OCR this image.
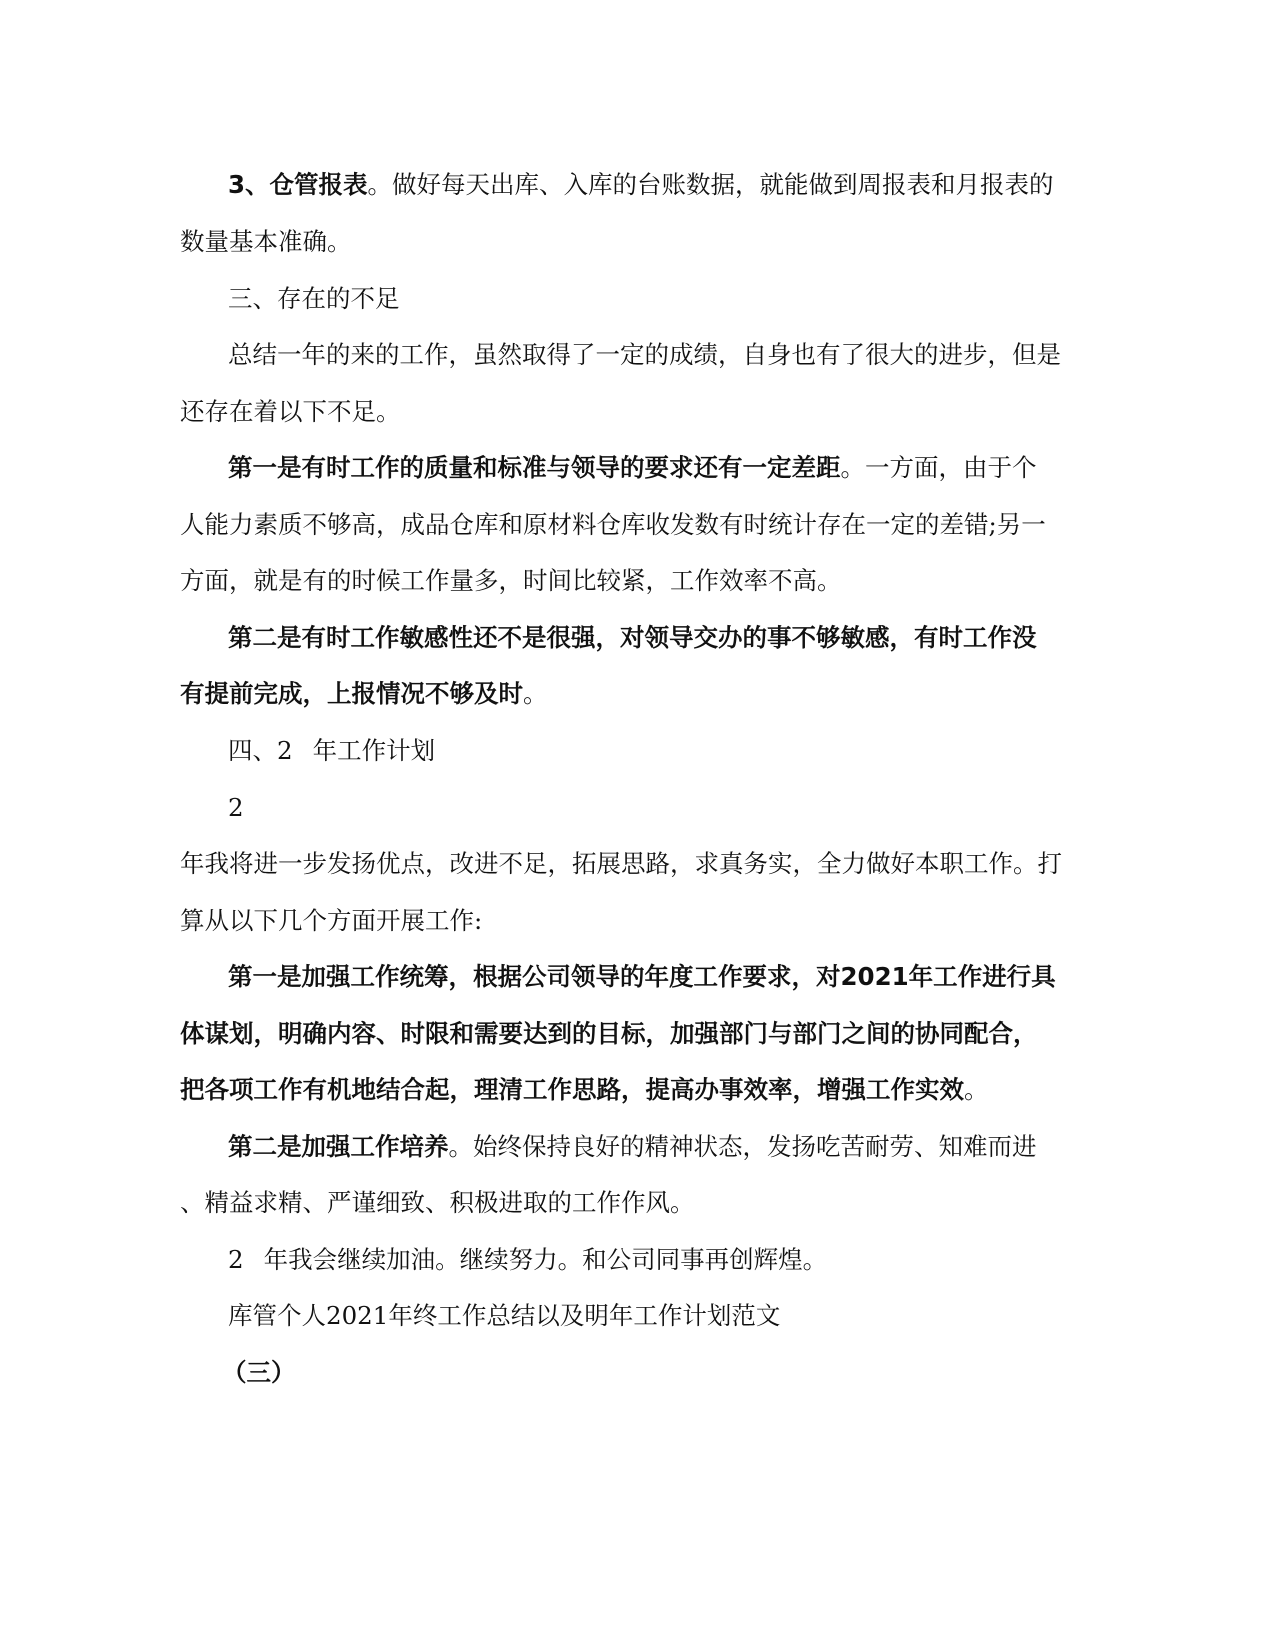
3、仓管报表。做好每天出库、入库的台账数据，就能做到周报表和月报表的
数量基本准确。
三、存在的不足
总结一年的来的工作，虽然取得了一定的成绩，自身也有了很大的进步，但是
还存在着以下不足。
第一是有时工作的质量和标准与领导的要求还有一定差距。一方面，由于个
人能力素质不够高，成品仓库和原材料仓库收发数有时统计存在一定的差错;另一
方面，就是有的时候工作量多，时间比较紧，工作效率不高。
第二是有时工作敏感性还不是很强，对领导交办的事不够敏感，有时工作没
有提前完成，上报情况不够及时。
四、2 年工作计划
2
年我将进一步发扬优点，改进不足，拓展思路，求真务实，全力做好本职工作。打
算从以下几个方面开展工作:
第一是加强工作统筹，根据公司领导的年度工作要求，对2021年工作进行具
体谋划，明确内容、时限和需要达到的目标，加强部门与部门之间的协同配合，
把各项工作有机地结合起，理清工作思路，提高办事效率，增强工作实效。
第二是加强工作培养。始终保持良好的精神状态，发扬吃苦耐劳、知难而进
、精益求精、严谨细致、积极进取的工作作风。
2 年我会继续加油。继续努力。和公司同事再创辉煌。
库管个人2021年终工作总结以及明年工作计划范文
（三）
